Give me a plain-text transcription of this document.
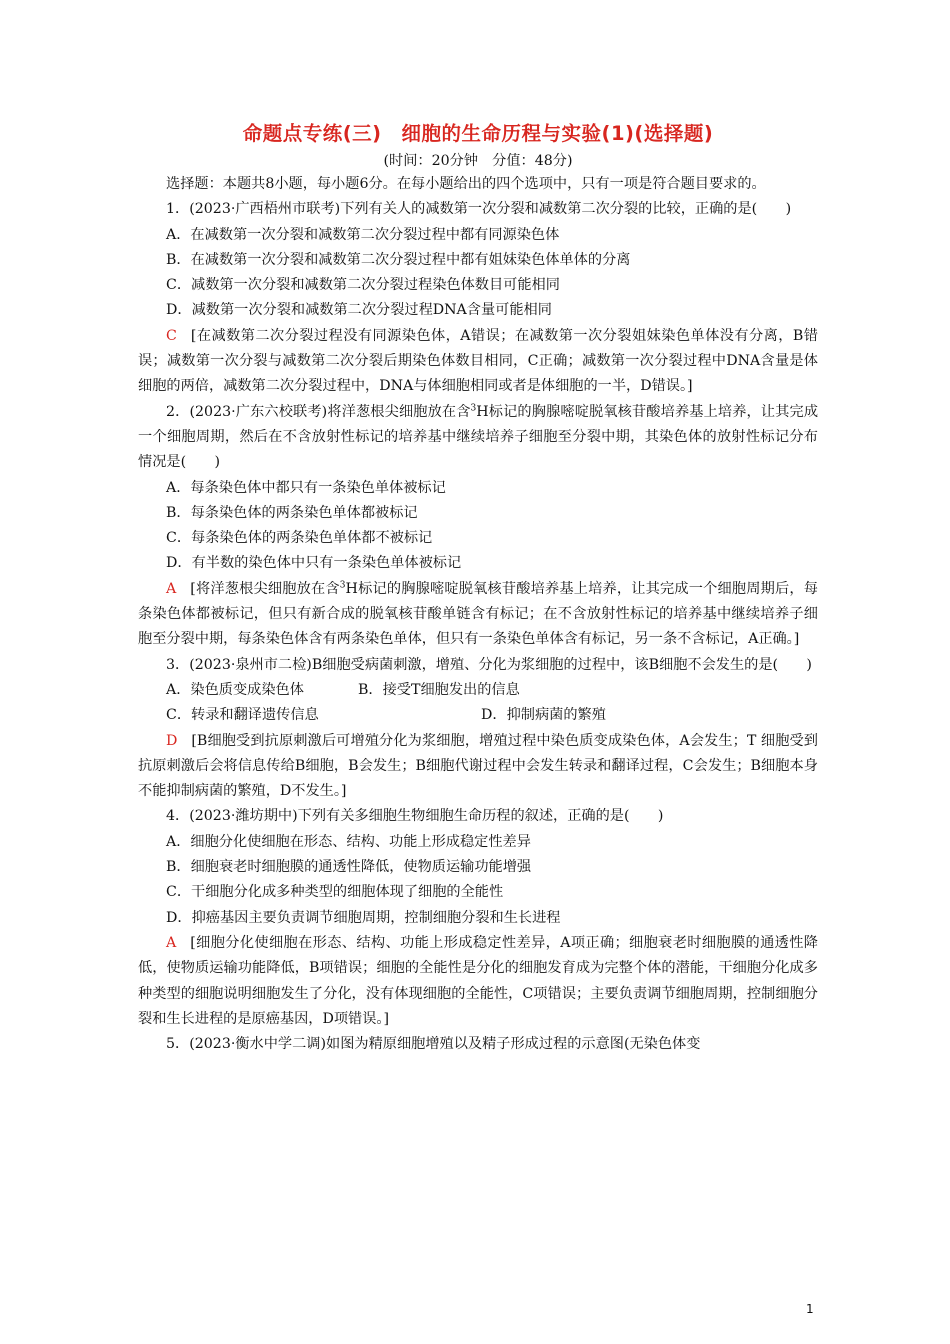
命题点专练(三)　细胞的生命历程与实验(1)(选择题)
(时间：20分钟　分值：48分)

选择题：本题共8小题，每小题6分。在每小题给出的四个选项中，只有一项是符合题目要求的。

1．(2023·广西梧州市联考)下列有关人的减数第一次分裂和减数第二次分裂的比较，正确的是(　　)

A．在减数第一次分裂和减数第二次分裂过程中都有同源染色体
B．在减数第一次分裂和减数第二次分裂过程中都有姐妹染色体单体的分离
C．减数第一次分裂和减数第二次分裂过程染色体数目可能相同
D．减数第一次分裂和减数第二次分裂过程DNA含量可能相同

C [在减数第二次分裂过程没有同源染色体，A错误；在减数第一次分裂姐妹染色单体没有分离，B错误；减数第一次分裂与减数第二次分裂后期染色体数目相同，C正确；减数第一次分裂过程中DNA含量是体细胞的两倍，减数第二次分裂过程中，DNA与体细胞相同或者是体细胞的一半，D错误。]

2．(2023·广东六校联考)将洋葱根尖细胞放在含$^3$H标记的胸腺嘧啶脱氧核苷酸培养基上培养，让其完成一个细胞周期，然后在不含放射性标记的培养基中继续培养子细胞至分裂中期，其染色体的放射性标记分布情况是(　　)

A．每条染色体中都只有一条染色单体被标记
B．每条染色体的两条染色单体都被标记
C．每条染色体的两条染色单体都不被标记
D．有半数的染色体中只有一条染色单体被标记

A [将洋葱根尖细胞放在含$^3$H标记的胸腺嘧啶脱氧核苷酸培养基上培养，让其完成一个细胞周期后，每条染色体都被标记，但只有新合成的脱氧核苷酸单链含有标记；在不含放射性标记的培养基中继续培养子细胞至分裂中期，每条染色体含有两条染色单体，但只有一条染色单体含有标记，另一条不含标记，A正确。]

3．(2023·泉州市二检)B细胞受病菌刺激，增殖、分化为浆细胞的过程中，该B细胞不会发生的是(　　)

A．染色质变成染色体	B．接受T细胞发出的信息
C．转录和翻译遗传信息	D．抑制病菌的繁殖

D [B细胞受到抗原刺激后可增殖分化为浆细胞，增殖过程中染色质变成染色体，A会发生；T 细胞受到抗原刺激后会将信息传给B细胞，B会发生；B细胞代谢过程中会发生转录和翻译过程，C会发生；B细胞本身不能抑制病菌的繁殖，D不发生。]

4．(2023·潍坊期中)下列有关多细胞生物细胞生命历程的叙述，正确的是(　　)

A．细胞分化使细胞在形态、结构、功能上形成稳定性差异
B．细胞衰老时细胞膜的通透性降低，使物质运输功能增强
C．干细胞分化成多种类型的细胞体现了细胞的全能性
D．抑癌基因主要负责调节细胞周期，控制细胞分裂和生长进程

A [细胞分化使细胞在形态、结构、功能上形成稳定性差异，A项正确；细胞衰老时细胞膜的通透性降低，使物质运输功能降低，B项错误；细胞的全能性是分化的细胞发育成为完整个体的潜能，干细胞分化成多种类型的细胞说明细胞发生了分化，没有体现细胞的全能性，C项错误；主要负责调节细胞周期，控制细胞分裂和生长进程的是原癌基因，D项错误。]

5．(2023·衡水中学二调)如图为精原细胞增殖以及精子形成过程的示意图(无染色体变

1
